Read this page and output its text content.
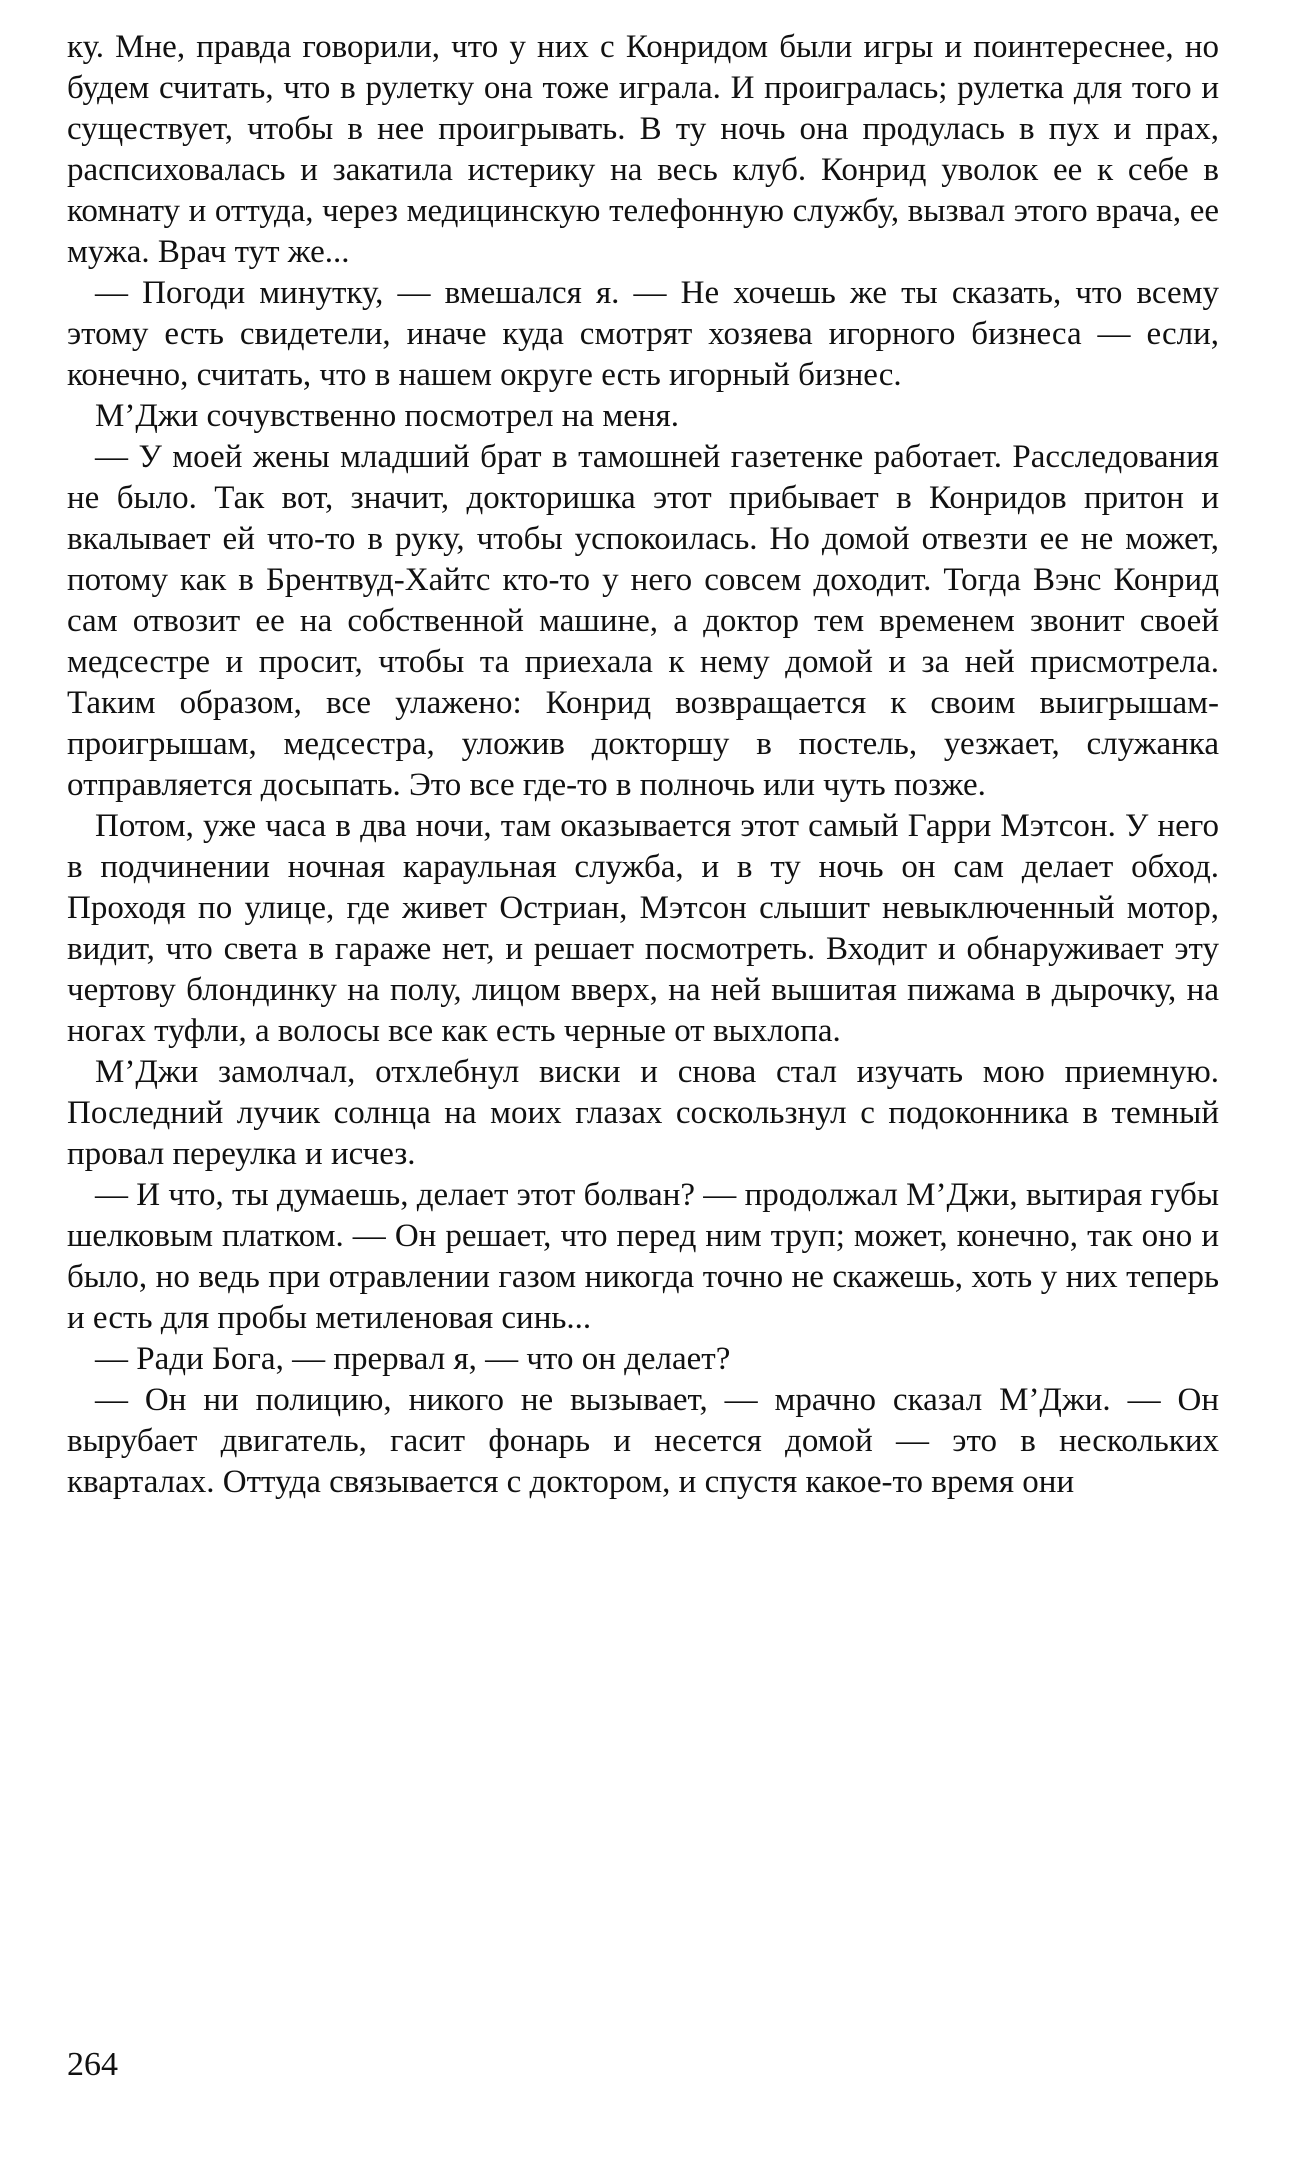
ку. Мне, правда говорили, что у них с Конридом были игры и поинтереснее, но будем считать, что в рулетку она тоже играла. И проигралась; рулетка для того и существует, чтобы в нее проигрывать. В ту ночь она продулась в пух и прах, распсиховалась и закатила истерику на весь клуб. Конрид уволок ее к себе в комнату и оттуда, через медицинскую телефонную службу, вызвал этого врача, ее мужа. Врач тут же...

— Погоди минутку, — вмешался я. — Не хочешь же ты сказать, что всему этому есть свидетели, иначе куда смотрят хозяева игорного бизнеса — если, конечно, считать, что в нашем округе есть игорный бизнес.

М’Джи сочувственно посмотрел на меня.

— У моей жены младший брат в тамошней газетенке работает. Расследования не было. Так вот, значит, докторишка этот прибывает в Конридов притон и вкалывает ей что-то в руку, чтобы успокоилась. Но домой отвезти ее не может, потому как в Брентвуд-Хайтс кто-то у него совсем доходит. Тогда Вэнс Конрид сам отвозит ее на собственной машине, а доктор тем временем звонит своей медсестре и просит, чтобы та приехала к нему домой и за ней присмотрела. Таким образом, все улажено: Конрид возвращается к своим выигрышам-проигрышам, медсестра, уложив докторшу в постель, уезжает, служанка отправляется досыпать. Это все где-то в полночь или чуть позже.

Потом, уже часа в два ночи, там оказывается этот самый Гарри Мэтсон. У него в подчинении ночная караульная служба, и в ту ночь он сам делает обход. Проходя по улице, где живет Остриан, Мэтсон слышит невыключенный мотор, видит, что света в гараже нет, и решает посмотреть. Входит и обнаруживает эту чертову блондинку на полу, лицом вверх, на ней вышитая пижама в дырочку, на ногах туфли, а волосы все как есть черные от выхлопа.

М’Джи замолчал, отхлебнул виски и снова стал изучать мою приемную. Последний лучик солнца на моих глазах соскользнул с подоконника в темный провал переулка и исчез.

— И что, ты думаешь, делает этот болван? — продолжал М’Джи, вытирая губы шелковым платком. — Он решает, что перед ним труп; может, конечно, так оно и было, но ведь при отравлении газом никогда точно не скажешь, хоть у них теперь и есть для пробы метиленовая синь...

— Ради Бога, — прервал я, — что он делает?

— Он ни полицию, никого не вызывает, — мрачно сказал М’Джи. — Он вырубает двигатель, гасит фонарь и несется домой — это в нескольких кварталах. Оттуда связывается с доктором, и спустя какое-то время они

264
